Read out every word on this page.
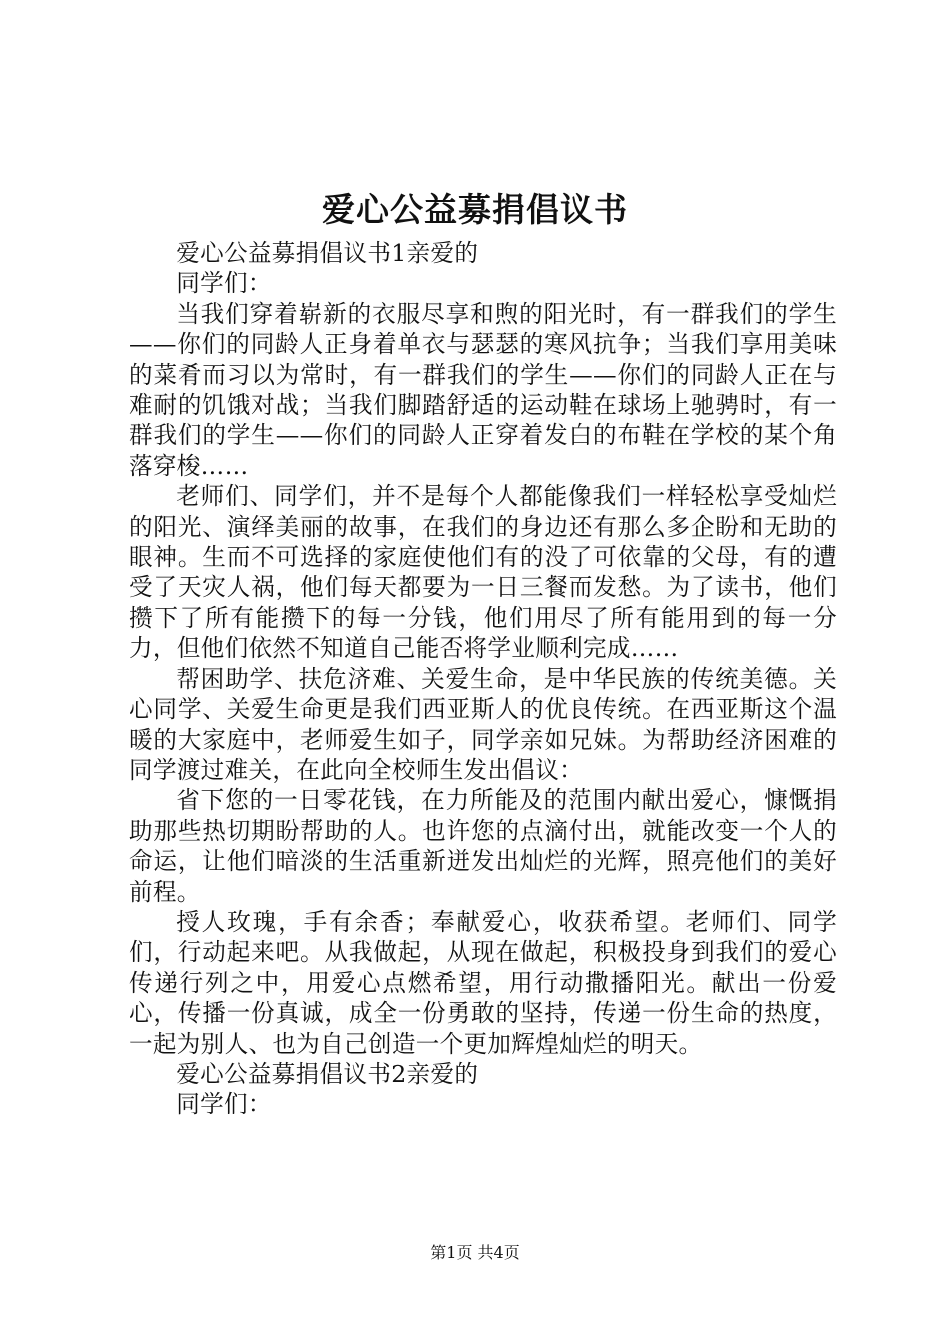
爱心公益募捐倡议书

爱心公益募捐倡议书1亲爱的

同学们：

当我们穿着崭新的衣服尽享和煦的阳光时，有一群我们的学生——你们的同龄人正身着单衣与瑟瑟的寒风抗争；当我们享用美味的菜肴而习以为常时，有一群我们的学生——你们的同龄人正在与难耐的饥饿对战；当我们脚踏舒适的运动鞋在球场上驰骋时，有一群我们的学生——你们的同龄人正穿着发白的布鞋在学校的某个角落穿梭……

老师们、同学们，并不是每个人都能像我们一样轻松享受灿烂的阳光、演绎美丽的故事，在我们的身边还有那么多企盼和无助的眼神。生而不可选择的家庭使他们有的没了可依靠的父母，有的遭受了天灾人祸，他们每天都要为一日三餐而发愁。为了读书，他们攒下了所有能攒下的每一分钱，他们用尽了所有能用到的每一分力，但他们依然不知道自己能否将学业顺利完成……

帮困助学、扶危济难、关爱生命，是中华民族的传统美德。关心同学、关爱生命更是我们西亚斯人的优良传统。在西亚斯这个温暖的大家庭中，老师爱生如子，同学亲如兄妹。为帮助经济困难的同学渡过难关，在此向全校师生发出倡议：

省下您的一日零花钱，在力所能及的范围内献出爱心，慷慨捐助那些热切期盼帮助的人。也许您的点滴付出，就能改变一个人的命运，让他们暗淡的生活重新迸发出灿烂的光辉，照亮他们的美好前程。

授人玫瑰，手有余香；奉献爱心，收获希望。老师们、同学们，行动起来吧。从我做起，从现在做起，积极投身到我们的爱心传递行列之中，用爱心点燃希望，用行动撒播阳光。献出一份爱心，传播一份真诚，成全一份勇敢的坚持，传递一份生命的热度，一起为别人、也为自己创造一个更加辉煌灿烂的明天。

爱心公益募捐倡议书2亲爱的

同学们：

第1页 共4页
